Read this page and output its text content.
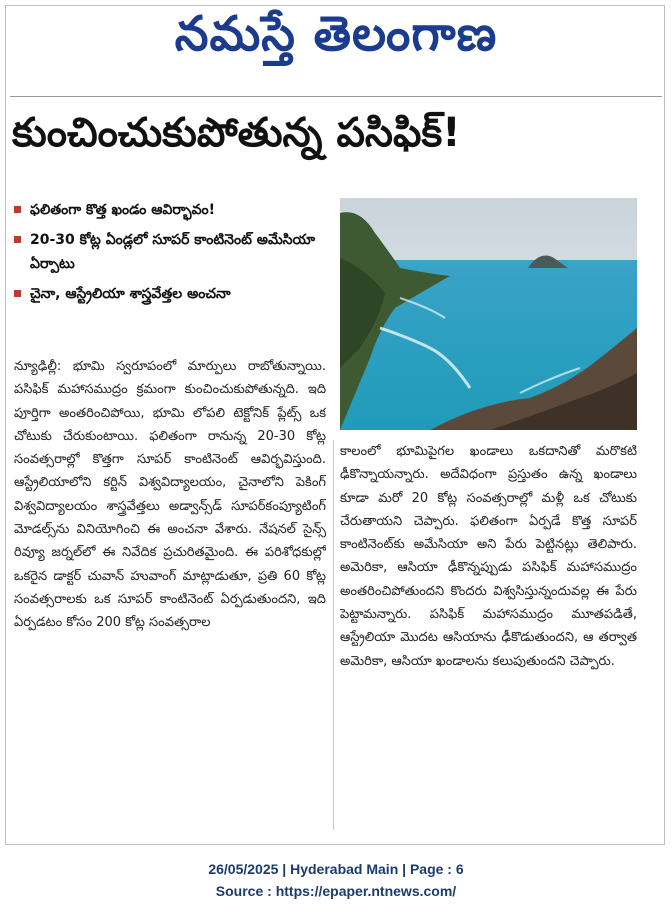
నమస్తే తెలంగాణ
కుంచించుకుపోతున్న పసిఫిక్!
ఫలితంగా కొత్త ఖండం ఆవిర్భావం!
20-30 కోట్ల ఏండ్లలో సూపర్ కాంటినెంట్ అమేసియా ఏర్పాటు
చైనా, ఆస్ట్రేలియా శాస్త్రవేత్తల అంచనా
న్యూఢిల్లీ: భూమి స్వరూపంలో మార్పులు రాబోతున్నాయి. పసిఫిక్ మహాసముద్రం క్రమంగా కుంచించుకుపోతున్నది. ఇది పూర్తిగా అంతరించిపోయి, భూమి లోపలి టెక్టోనిక్ ప్లేట్స్ ఒక చోటుకు చేరుకుంటాయి. ఫలితంగా రానున్న 20-30 కోట్ల సంవత్సరాల్లో కొత్తగా సూపర్ కాంటినెంట్ ఆవిర్భవిస్తుంది. ఆస్ట్రేలియాలోని కర్టిన్ విశ్వవిద్యాలయం, చైనాలోని పెకింగ్ విశ్వవిద్యాలయం శాస్త్రవేత్తలు అడ్వాన్స్‌డ్ సూపర్‌కంప్యూటింగ్ మోడల్స్‌ను వినియోగించి ఈ అంచనా వేశారు. నేషనల్ సైన్స్ రివ్యూ జర్నల్‌లో ఈ నివేదిక ప్రచురితమైంది. ఈ పరిశోధకుల్లో ఒకరైన డాక్టర్ చువాన్ హువాంగ్ మాట్లాడుతూ, ప్రతి 60 కోట్ల సంవత్సరాలకు ఒక సూపర్ కాంటినెంట్ ఏర్పడుతుందని, ఇది ఏర్పడటం కోసం 200 కోట్ల సంవత్సరాల
కాలంలో భూమిపైగల ఖండాలు ఒకదానితో మరొకటి ఢీకొన్నాయన్నారు. అదేవిధంగా ప్రస్తుతం ఉన్న ఖండాలు కూడా మరో 20 కోట్ల సంవత్సరాల్లో మళ్లీ ఒక చోటుకు చేరుతాయని చెప్పారు. ఫలితంగా ఏర్పడే కొత్త సూపర్ కాంటినెంట్‌కు అమేసియా అని పేరు పెట్టినట్లు తెలిపారు. అమెరికా, ఆసియా ఢీకొన్నప్పుడు పసిఫిక్ మహాసముద్రం అంతరించిపోతుందని కొందరు విశ్వసిస్తున్నందువల్ల ఈ పేరు పెట్టామన్నారు. పసిఫిక్ మహాసముద్రం మూతపడితే, ఆస్ట్రేలియా మొదట ఆసియాను ఢీకొడుతుందని, ఆ తర్వాత అమెరికా, ఆసియా ఖండాలను కలుపుతుందని చెప్పారు.
26/05/2025 | Hyderabad Main | Page : 6
Source : https://epaper.ntnews.com/
